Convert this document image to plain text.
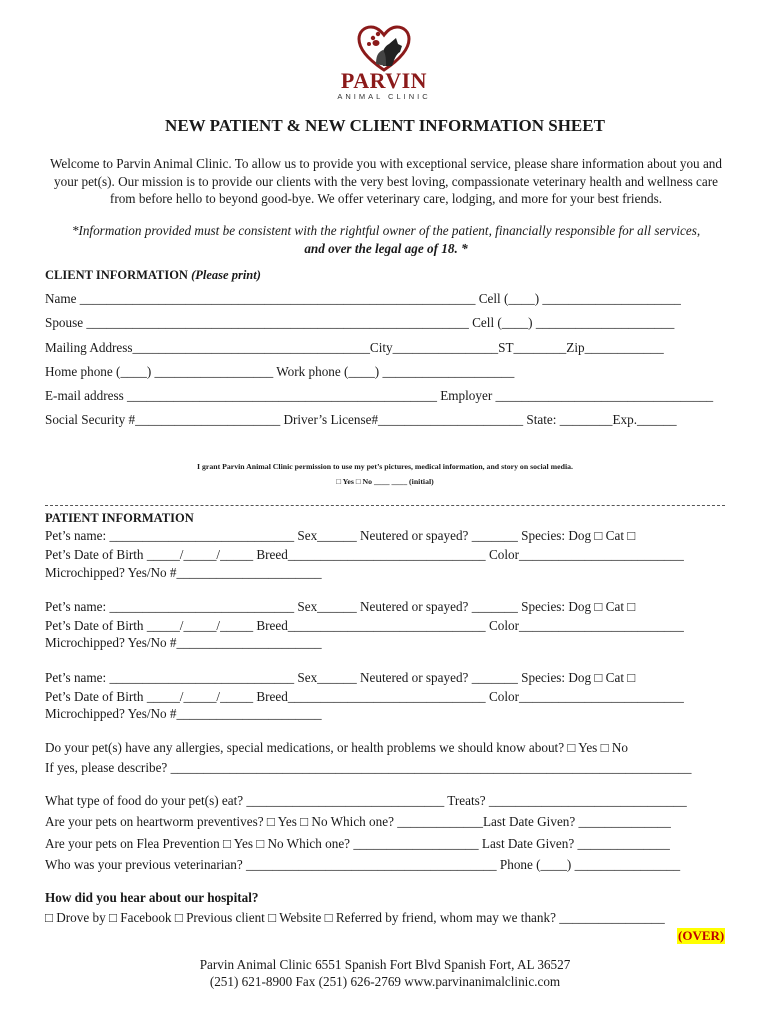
PARVIN
ANIMAL CLINIC
NEW PATIENT & NEW CLIENT INFORMATION SHEET
Welcome to Parvin Animal Clinic. To allow us to provide you with exceptional service, please share information about you and your pet(s). Our mission is to provide our clients with the very best loving, compassionate veterinary health and wellness care from before hello to beyond good-bye. We offer veterinary care, lodging, and more for your best friends.
*Information provided must be consistent with the rightful owner of the patient, financially responsible for all services,
and over the legal age of 18. *
CLIENT INFORMATION (Please print)
Name ____________________________________________________________ Cell (____) _____________________
Spouse __________________________________________________________ Cell (____) _____________________
Mailing Address____________________________________City________________ST________Zip____________
Home phone (____) __________________ Work phone (____) ____________________
E-mail address _______________________________________________ Employer _________________________________
Social Security #______________________ Driver’s License#______________________ State: ________Exp.______
I grant Parvin Animal Clinic permission to use my pet’s pictures, medical information, and story on social media.
□ Yes □ No ____ ____ (initial)
PATIENT INFORMATION
Pet’s name: ____________________________ Sex______ Neutered or spayed? _______ Species: Dog □ Cat □
Pet’s Date of Birth _____/_____/_____ Breed______________________________ Color_________________________
Microchipped? Yes/No #______________________
Pet’s name: ____________________________ Sex______ Neutered or spayed? _______ Species: Dog □ Cat □
Pet’s Date of Birth _____/_____/_____ Breed______________________________ Color_________________________
Microchipped? Yes/No #______________________
Pet’s name: ____________________________ Sex______ Neutered or spayed? _______ Species: Dog □ Cat □
Pet’s Date of Birth _____/_____/_____ Breed______________________________ Color_________________________
Microchipped? Yes/No #______________________
Do your pet(s) have any allergies, special medications, or health problems we should know about? □ Yes □ No
If yes, please describe? _______________________________________________________________________________
What type of food do your pet(s) eat? ______________________________ Treats? ______________________________
Are your pets on heartworm preventives? □ Yes □ No Which one? _____________Last Date Given? ______________
Are your pets on Flea Prevention □ Yes □ No Which one? ___________________ Last Date Given? ______________
Who was your previous veterinarian? ______________________________________ Phone (____) ________________
How did you hear about our hospital?
□ Drove by □ Facebook □ Previous client □ Website □ Referred by friend, whom may we thank? ________________
(OVER)
Parvin Animal Clinic 6551 Spanish Fort Blvd Spanish Fort, AL 36527
(251) 621-8900 Fax (251) 626-2769 www.parvinanimalclinic.com
